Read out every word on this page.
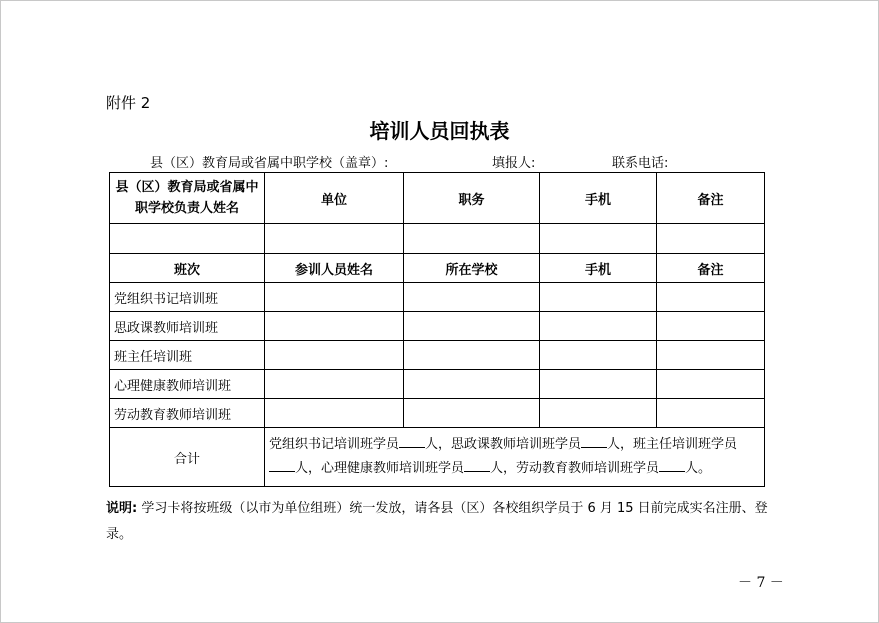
附件 2
培训人员回执表
县（区）教育局或省属中职学校（盖章）:	填报人:	联系电话:
县（区）教育局或省属中职学校负责人姓名	单位	职务	手机	备注

班次	参训人员姓名	所在学校	手机	备注
党组织书记培训班				
思政课教师培训班				
班主任培训班				
心理健康教师培训班				
劳动教育教师培训班				
合计	党组织书记培训班学员 人，思政课教师培训班学员 人，班主任培训班学员人，心理健康教师培训班学员 人，劳动教育教师培训班学员 人。			
说明: 学习卡将按班级（以市为单位组班）统一发放，请各县（区）各校组织学员于 6 月 15 日前完成实名注册、登录。
－ 7 －
